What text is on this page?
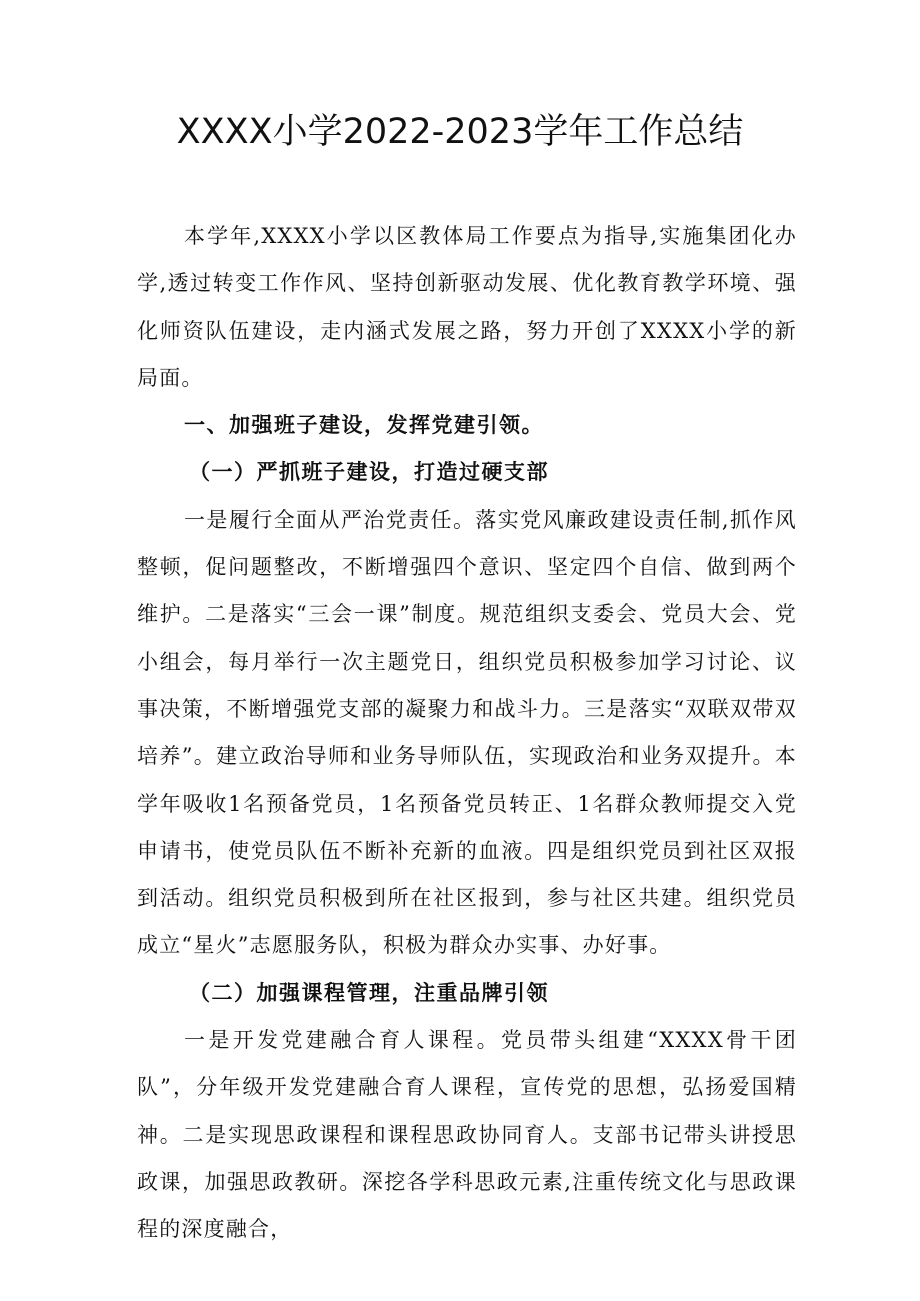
XXXX小学2022-2023学年工作总结

本学年,XXXX小学以区教体局工作要点为指导,实施集团化办学,透过转变工作作风、坚持创新驱动发展、优化教育教学环境、强化师资队伍建设，走内涵式发展之路，努力开创了XXXX小学的新局面。

一、加强班子建设，发挥党建引领。

（一）严抓班子建设，打造过硬支部

一是履行全面从严治党责任。落实党风廉政建设责任制,抓作风整顿，促问题整改，不断增强四个意识、坚定四个自信、做到两个维护。二是落实“三会一课”制度。规范组织支委会、党员大会、党小组会，每月举行一次主题党日，组织党员积极参加学习讨论、议事决策，不断增强党支部的凝聚力和战斗力。三是落实“双联双带双培养”。建立政治导师和业务导师队伍，实现政治和业务双提升。本学年吸收1名预备党员，1名预备党员转正、1名群众教师提交入党申请书，使党员队伍不断补充新的血液。四是组织党员到社区双报到活动。组织党员积极到所在社区报到，参与社区共建。组织党员成立“星火”志愿服务队，积极为群众办实事、办好事。

（二）加强课程管理，注重品牌引领

一是开发党建融合育人课程。党员带头组建“XXXX骨干团队”，分年级开发党建融合育人课程，宣传党的思想，弘扬爱国精神。二是实现思政课程和课程思政协同育人。支部书记带头讲授思政课，加强思政教研。深挖各学科思政元素,注重传统文化与思政课程的深度融合，
